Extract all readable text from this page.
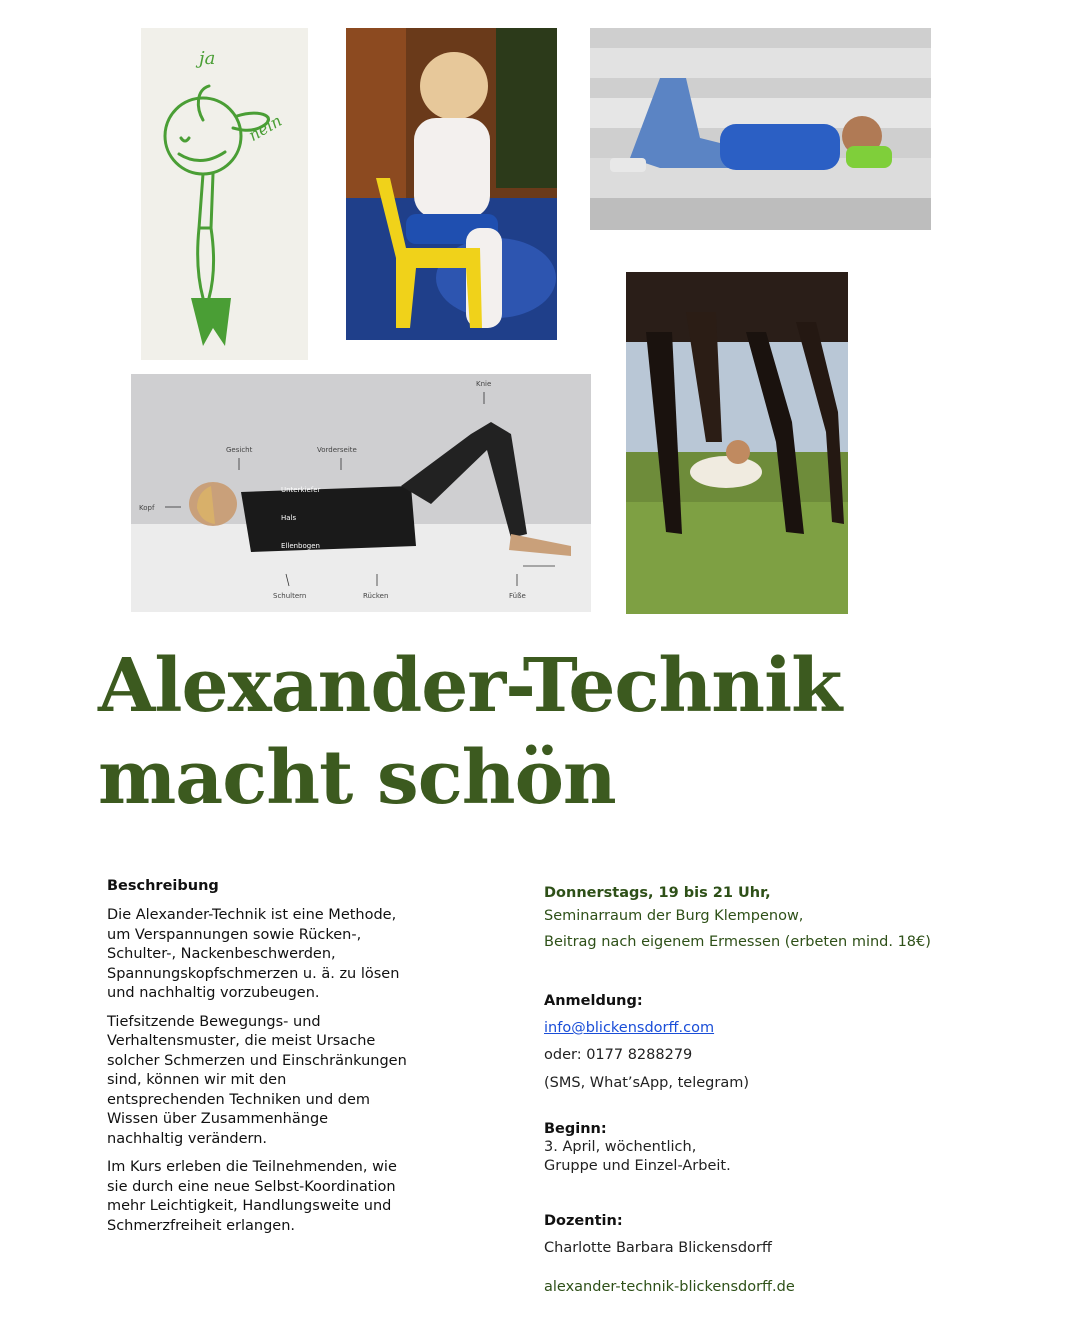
ja
nein
Knie
Gesicht	Vorderseite
Unterkiefer
Kopf
Hals
Ellenbogen
Schultern	Rücken	Füße
Alexander-Technik
macht schön
Beschreibung

Die Alexander-Technik ist eine Methode, um Verspannungen sowie Rücken-, Schulter-, Nackenbeschwerden, Spannungskopfschmerzen u. ä. zu lösen und nachhaltig vorzubeugen.

Tiefsitzende Bewegungs- und Verhaltensmuster, die meist Ursache solcher Schmerzen und Einschränkungen sind, können wir mit den entsprechenden Techniken und dem Wissen über Zusammenhänge nachhaltig verändern.

Im Kurs erleben die Teilnehmenden, wie sie durch eine neue Selbst-Koordination mehr Leichtigkeit, Handlungsweite und Schmerzfreiheit erlangen.

Donnerstags, 19 bis 21 Uhr,
Seminarraum der Burg Klempenow,
Beitrag nach eigenem Ermessen (erbeten mind. 18€)
Anmeldung:
info@blickensdorff.com
oder: 0177 8288279
(SMS, What’sApp, telegram)
Beginn:
3. April, wöchentlich,
Gruppe und Einzel-Arbeit.
Dozentin:
Charlotte Barbara Blickensdorff
alexander-technik-blickensdorff.de
